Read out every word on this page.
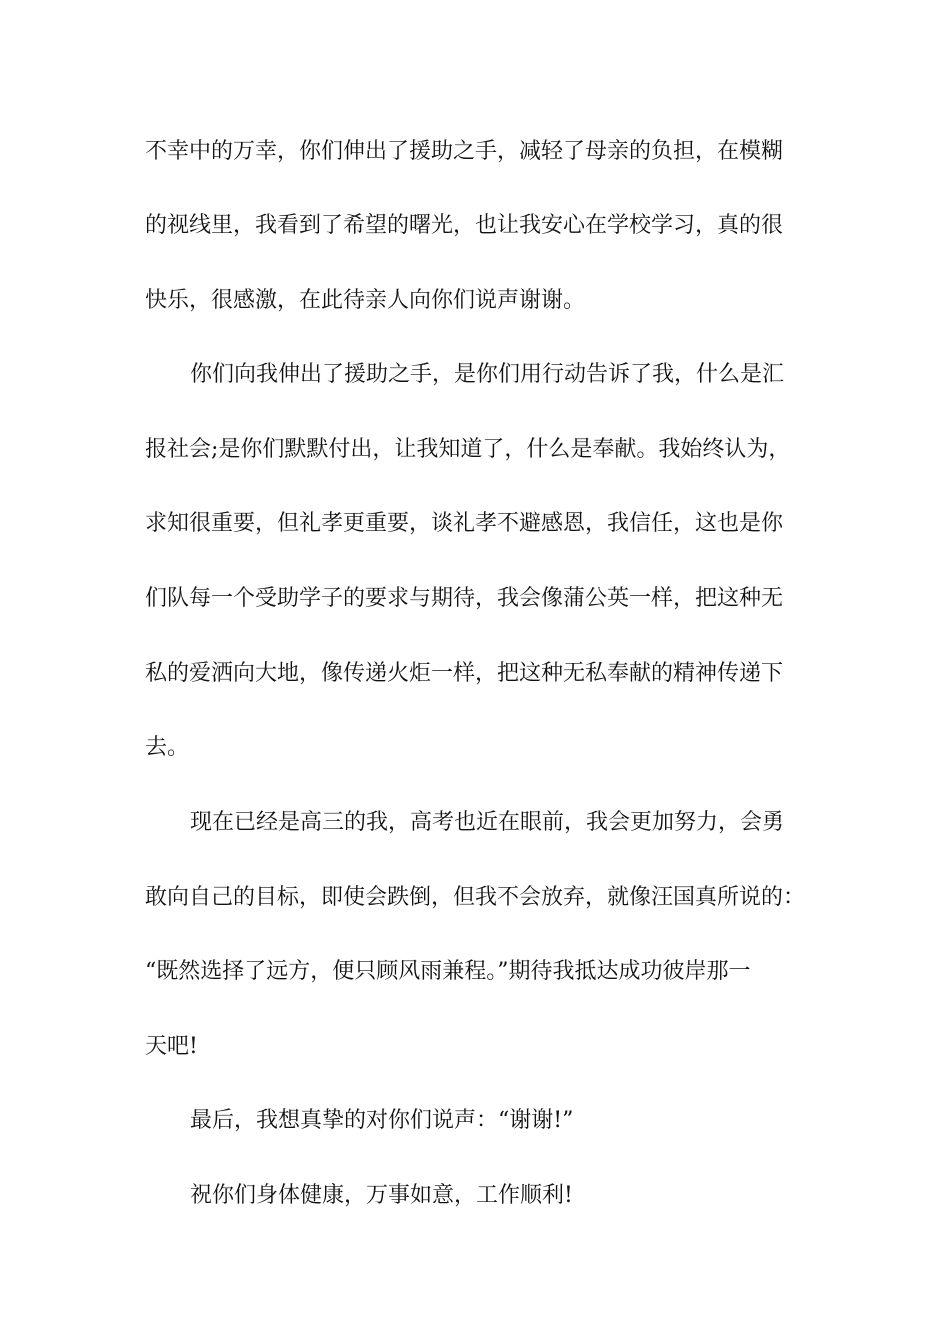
不幸中的万幸，你们伸出了援助之手，减轻了母亲的负担，在模糊
的视线里，我看到了希望的曙光，也让我安心在学校学习，真的很
快乐，很感激，在此待亲人向你们说声谢谢。
你们向我伸出了援助之手，是你们用行动告诉了我，什么是汇
报社会;是你们默默付出，让我知道了，什么是奉献。我始终认为，
求知很重要，但礼孝更重要，谈礼孝不避感恩，我信任，这也是你
们队每一个受助学子的要求与期待，我会像蒲公英一样，把这种无
私的爱洒向大地，像传递火炬一样，把这种无私奉献的精神传递下
去。
现在已经是高三的我，高考也近在眼前，我会更加努力，会勇
敢向自己的目标，即使会跌倒，但我不会放弃，就像汪国真所说的：
“既然选择了远方，便只顾风雨兼程。”期待我抵达成功彼岸那一
天吧!
最后，我想真挚的对你们说声：“谢谢!”
祝你们身体健康，万事如意，工作顺利!
